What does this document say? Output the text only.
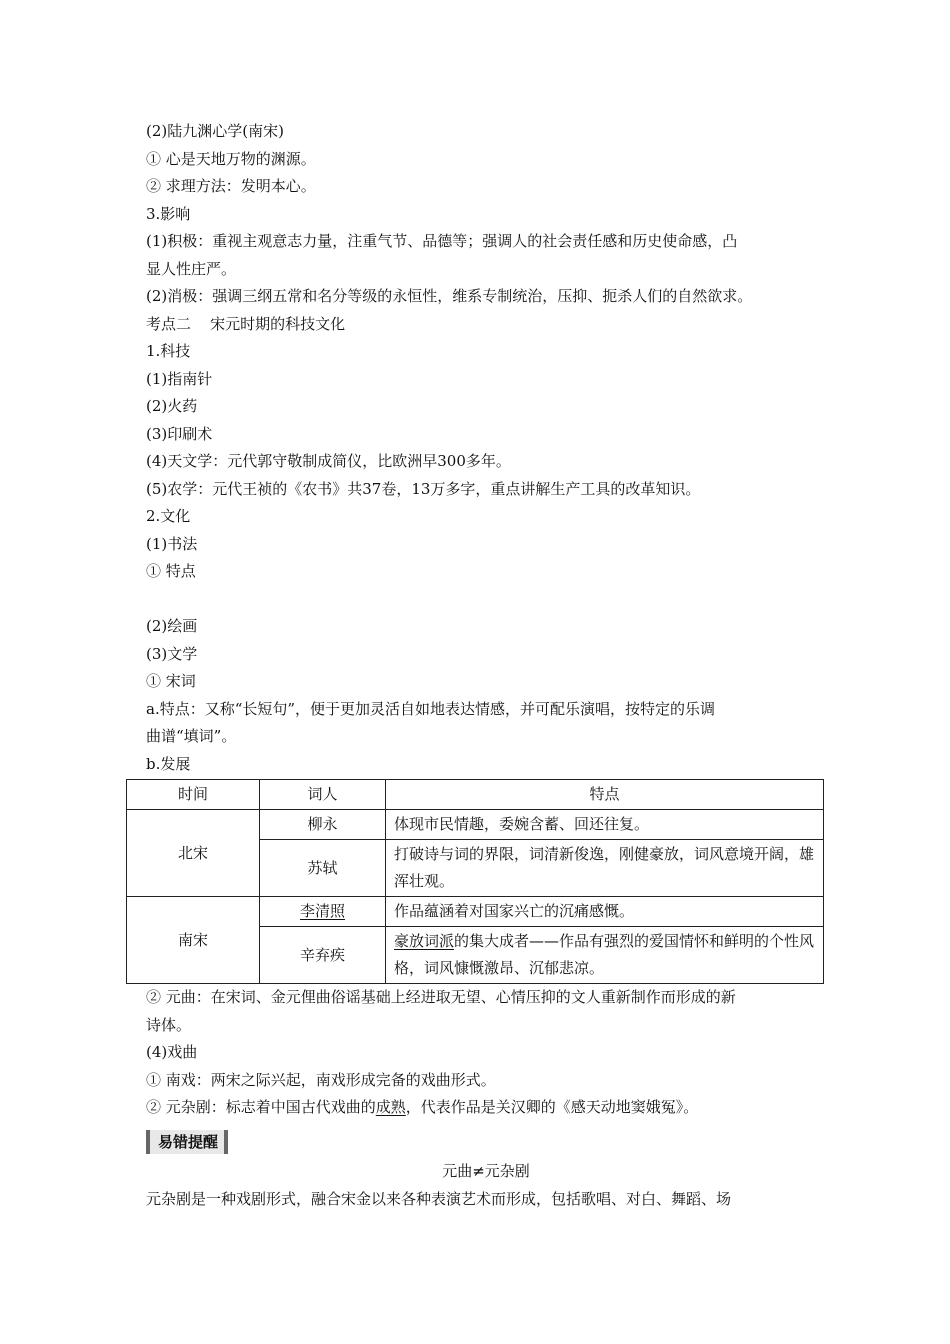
(2)陆九渊心学(南宋)
① 心是天地万物的渊源。
② 求理方法：发明本心。
3.影响
(1)积极：重视主观意志力量，注重气节、品德等；强调人的社会责任感和历史使命感，凸
显人性庄严。
(2)消极：强调三纲五常和名分等级的永恒性，维系专制统治，压抑、扼杀人们的自然欲求。
考点二    宋元时期的科技文化
1.科技
(1)指南针
(2)火药
(3)印刷术
(4)天文学：元代郭守敬制成简仪，比欧洲早300多年。
(5)农学：元代王祯的《农书》共37卷，13万多字，重点讲解生产工具的改革知识。
2.文化
(1)书法
① 特点
(2)绘画
(3)文学
① 宋词
a.特点：又称“长短句”，便于更加灵活自如地表达情感，并可配乐演唱，按特定的乐调
曲谱“填词”。
b.发展
时间	词人	特点
北宋	柳永	体现市民情趣，委婉含蓄、回还往复。
	苏轼	打破诗与词的界限，词清新俊逸，刚健豪放，词风意境开阔，雄浑壮观。
南宋	李清照	作品蕴涵着对国家兴亡的沉痛感慨。
	辛弃疾	豪放词派的集大成者——作品有强烈的爱国情怀和鲜明的个性风格，词风慷慨激昂、沉郁悲凉。
② 元曲：在宋词、金元俚曲俗谣基础上经进取无望、心情压抑的文人重新制作而形成的新
诗体。
(4)戏曲
① 南戏：两宋之际兴起，南戏形成完备的戏曲形式。
② 元杂剧：标志着中国古代戏曲的成熟，代表作品是关汉卿的《感天动地窦娥冤》。
易错提醒
元曲≠元杂剧
元杂剧是一种戏剧形式，融合宋金以来各种表演艺术而形成，包括歌唱、对白、舞蹈、场
